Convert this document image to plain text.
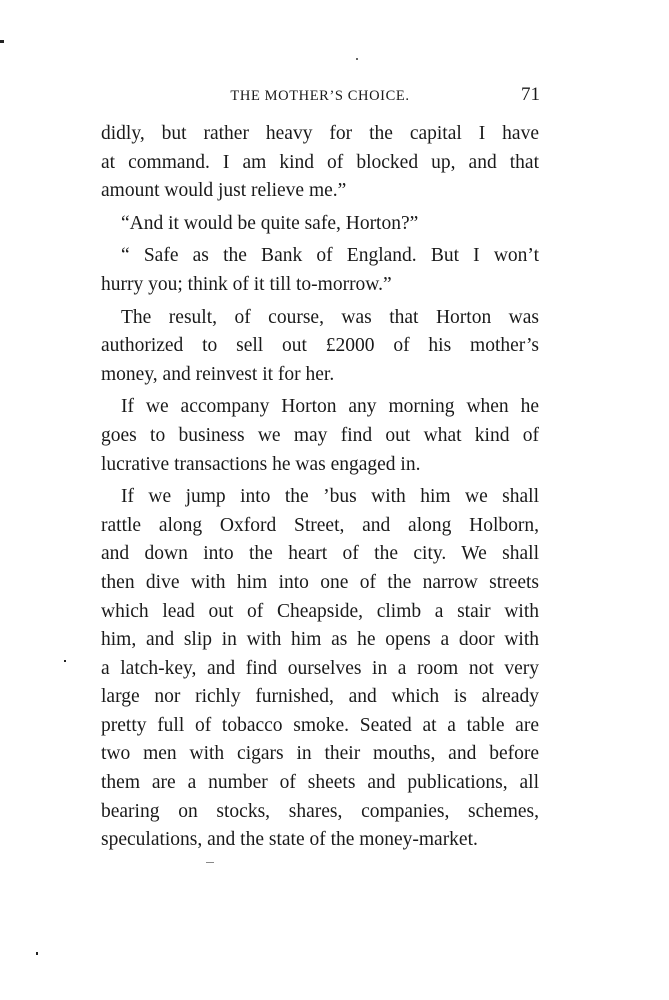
THE MOTHER’S CHOICE.	71

didly, but rather heavy for the capital I have
at command. I am kind of blocked up, and that
amount would just relieve me.”

“And it would be quite safe, Horton?”

“ Safe as the Bank of England. But I won’t
hurry you; think of it till to-morrow.”

The result, of course, was that Horton was
authorized to sell out £2000 of his mother’s
money, and reinvest it for her.

If we accompany Horton any morning when he
goes to business we may find out what kind of
lucrative transactions he was engaged in.

If we jump into the ’bus with him we shall
rattle along Oxford Street, and along Holborn,
and down into the heart of the city. We shall
then dive with him into one of the narrow streets
which lead out of Cheapside, climb a stair with
him, and slip in with him as he opens a door with
a latch-key, and find ourselves in a room not very
large nor richly furnished, and which is already
pretty full of tobacco smoke. Seated at a table are
two men with cigars in their mouths, and before
them are a number of sheets and publications, all
bearing on stocks, shares, companies, schemes,
speculations, and the state of the money-market.
